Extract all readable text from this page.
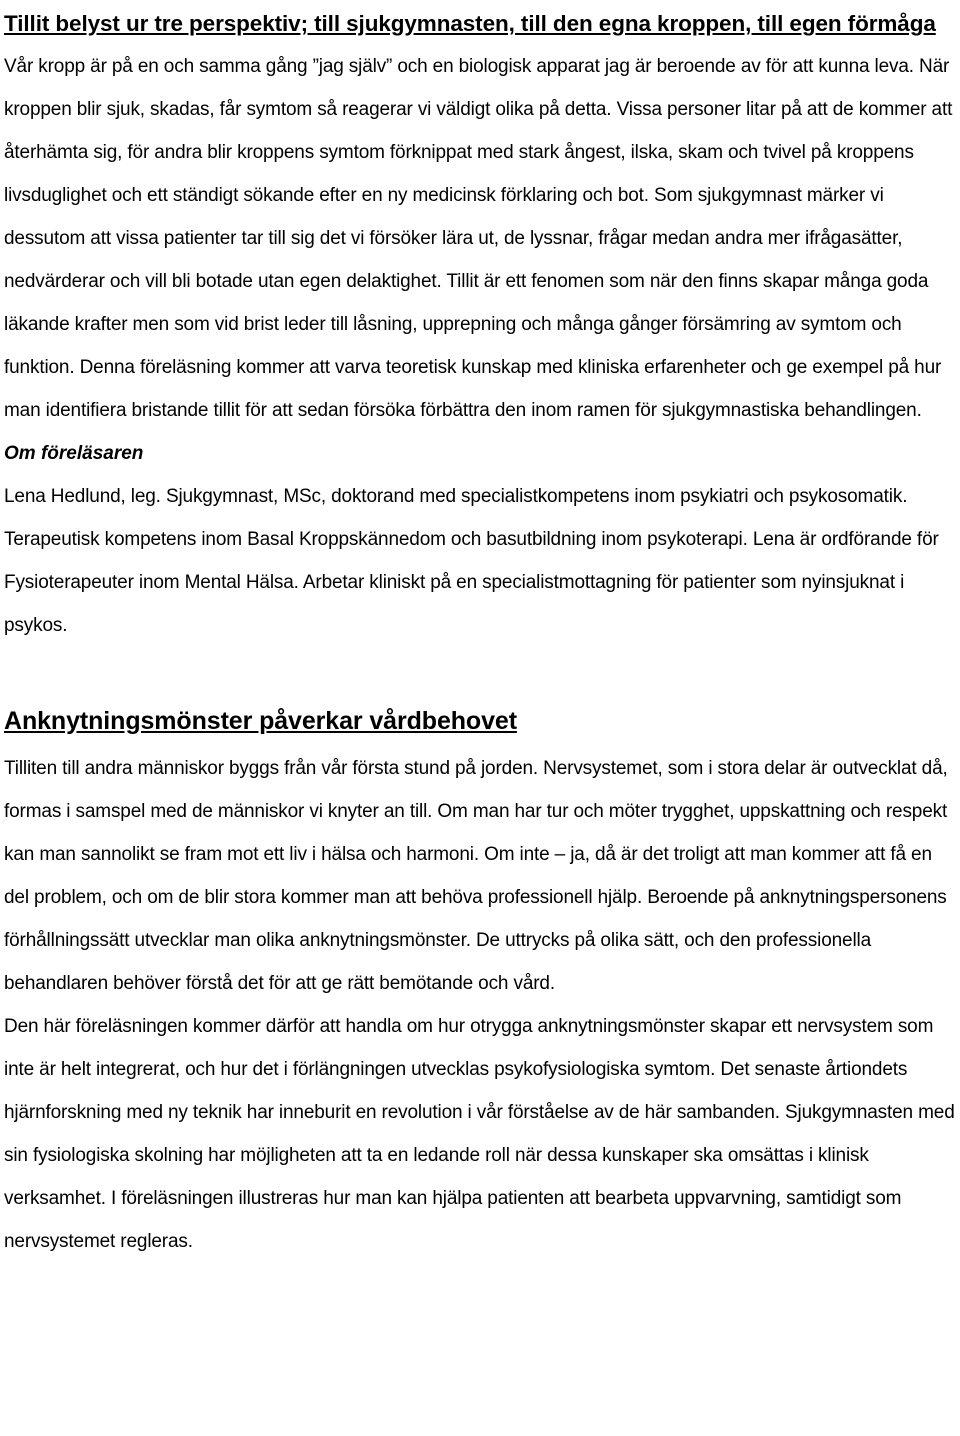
Tillit belyst ur tre perspektiv; till sjukgymnasten, till den egna kroppen, till egen förmåga

Vår kropp är på en och samma gång ”jag själv” och en biologisk apparat jag är beroende av för att kunna leva. När kroppen blir sjuk, skadas, får symtom så reagerar vi väldigt olika på detta. Vissa personer litar på att de kommer att återhämta sig, för andra blir kroppens symtom förknippat med stark ångest, ilska, skam och tvivel på kroppens livsduglighet och ett ständigt sökande efter en ny medicinsk förklaring och bot. Som sjukgymnast märker vi dessutom att vissa patienter tar till sig det vi försöker lära ut, de lyssnar, frågar medan andra mer ifrågasätter, nedvärderar och vill bli botade utan egen delaktighet. Tillit är ett fenomen som när den finns skapar många goda läkande krafter men som vid brist leder till låsning, upprepning och många gånger försämring av symtom och funktion. Denna föreläsning kommer att varva teoretisk kunskap med kliniska erfarenheter och ge exempel på hur man identifiera bristande tillit för att sedan försöka förbättra den inom ramen för sjukgymnastiska behandlingen.

Om föreläsaren

Lena Hedlund, leg. Sjukgymnast, MSc, doktorand med specialistkompetens inom psykiatri och psykosomatik. Terapeutisk kompetens inom Basal Kroppskännedom och basutbildning inom psykoterapi. Lena är ordförande för Fysioterapeuter inom Mental Hälsa. Arbetar kliniskt på en specialistmottagning för patienter som nyinsjuknat i psykos.

Anknytningsmönster påverkar vårdbehovet

Tilliten till andra människor byggs från vår första stund på jorden. Nervsystemet, som i stora delar är outvecklat då, formas i samspel med de människor vi knyter an till. Om man har tur och möter trygghet, uppskattning och respekt kan man sannolikt se fram mot ett liv i hälsa och harmoni. Om inte – ja, då är det troligt att man kommer att få en del problem, och om de blir stora kommer man att behöva professionell hjälp. Beroende på anknytningspersonens förhållningssätt utvecklar man olika anknytningsmönster. De uttrycks på olika sätt, och den professionella behandlaren behöver förstå det för att ge rätt bemötande och vård.

Den här föreläsningen kommer därför att handla om hur otrygga anknytningsmönster skapar ett nervsystem som inte är helt integrerat, och hur det i förlängningen utvecklas psykofysiologiska symtom. Det senaste årtiondets hjärnforskning med ny teknik har inneburit en revolution i vår förståelse av de här sambanden. Sjukgymnasten med sin fysiologiska skolning har möjligheten att ta en ledande roll när dessa kunskaper ska omsättas i klinisk verksamhet. I föreläsningen illustreras hur man kan hjälpa patienten att bearbeta uppvarvning, samtidigt som nervsystemet regleras.
